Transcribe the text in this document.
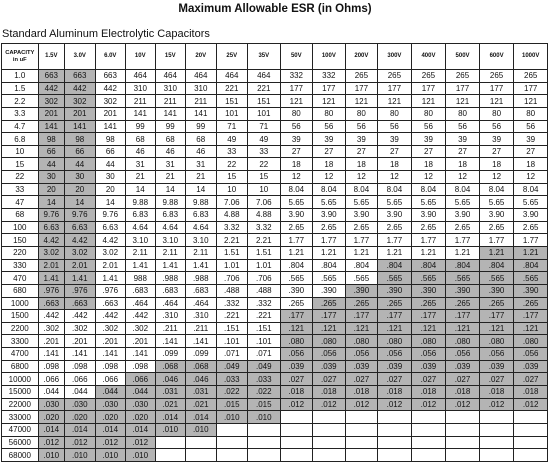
Maximum Allowable ESR (in Ohms)
Standard Aluminum Electrolytic Capacitors
CAPACITY
in uF	1.5V	3.0V	6.0V	10V	15V	20V	25V	35V	50V	100V	200V	300V	400V	500V	600V	1000V
1.0	663	663	663	464	464	464	464	464	332	332	265	265	265	265	265	265
1.5	442	442	442	310	310	310	221	221	177	177	177	177	177	177	177	177
2.2	302	302	302	211	211	211	151	151	121	121	121	121	121	121	121	121
3.3	201	201	201	141	141	141	101	101	80	80	80	80	80	80	80	80
4.7	141	141	141	99	99	99	71	71	56	56	56	56	56	56	56	56
6.8	98	98	98	68	68	68	49	49	39	39	39	39	39	39	39	39
10	66	66	66	46	46	46	33	33	27	27	27	27	27	27	27	27
15	44	44	44	31	31	31	22	22	18	18	18	18	18	18	18	18
22	30	30	30	21	21	21	15	15	12	12	12	12	12	12	12	12
33	20	20	20	14	14	14	10	10	8.04	8.04	8.04	8.04	8.04	8.04	8.04	8.04
47	14	14	14	9.88	9.88	9.88	7.06	7.06	5.65	5.65	5.65	5.65	5.65	5.65	5.65	5.65
68	9.76	9.76	9.76	6.83	6.83	6.83	4.88	4.88	3.90	3.90	3.90	3.90	3.90	3.90	3.90	3.90
100	6.63	6.63	6.63	4.64	4.64	4.64	3.32	3.32	2.65	2.65	2.65	2.65	2.65	2.65	2.65	2.65
150	4.42	4.42	4.42	3.10	3.10	3.10	2.21	2.21	1.77	1.77	1.77	1.77	1.77	1.77	1.77	1.77
220	3.02	3.02	3.02	2.11	2.11	2.11	1.51	1.51	1.21	1.21	1.21	1.21	1.21	1.21	1.21	1.21
330	2.01	2.01	2.01	1.41	1.41	1.41	1.01	1.01	.804	.804	.804	.804	.804	.804	.804	.804
470	1.41	1.41	1.41	988	.988	.988	.706	.706	.565	.565	.565	.565	.565	.565	.565	.565
680	.976	.976	.976	.683	.683	.683	.488	.488	.390	.390	.390	.390	.390	.390	.390	.390
1000	.663	.663	.663	.464	.464	.464	.332	.332	.265	.265	.265	.265	.265	.265	.265	.265
1500	.442	.442	.442	.442	.310	.310	.221	.221	.177	.177	.177	.177	.177	.177	.177	.177
2200	.302	.302	.302	.302	.211	.211	.151	.151	.121	.121	.121	.121	.121	.121	.121	.121
3300	.201	.201	.201	.201	.141	.141	.101	.101	.080	.080	.080	.080	.080	.080	.080	.080
4700	.141	.141	.141	.141	.099	.099	.071	.071	.056	.056	.056	.056	.056	.056	.056	.056
6800	.098	.098	.098	.098	.068	.068	.049	.049	.039	.039	.039	.039	.039	.039	.039	.039
10000	.066	.066	.066	.066	.046	.046	.033	.033	.027	.027	.027	.027	.027	.027	.027	.027
15000	.044	.044	.044	.044	.031	.031	.022	.022	.018	.018	.018	.018	.018	.018	.018	.018
22000	.030	.030	.030	.030	.021	.021	.015	.015	.012	.012	.012	.012	.012	.012	.012	.012
33000	.020	.020	.020	.020	.014	.014	.010	.010								
47000	.014	.014	.014	.014	.010	.010										
56000	.012	.012	.012	.012												
68000	.010	.010	.010	.010												
